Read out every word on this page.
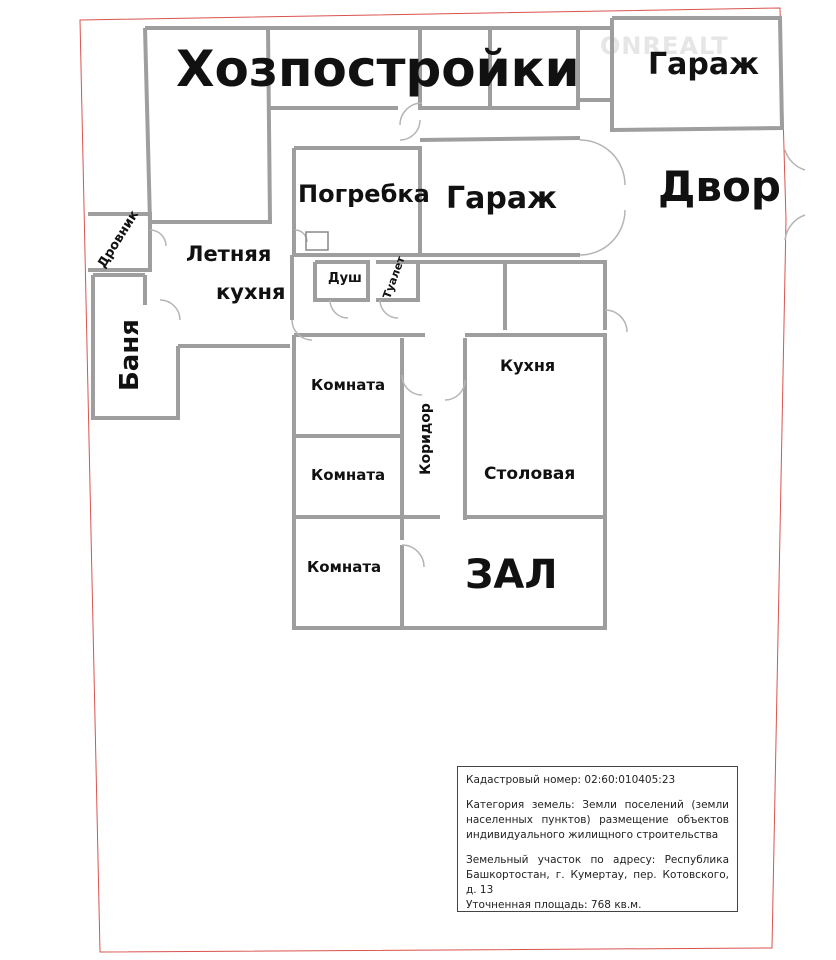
ONREALT
Хозпостройки Гараж
Погребка Гараж Двор
Дровник Летняя
кухня
Душ Туалет
Баня	Комната
Коридор
Кухня
Комната	Столовая
Комната ЗАЛ

Кадастровый номер: 02:60:010405:23

Категория земель: Земли поселений (земли населенных пунктов) размещение объектов индивидуального жилищного строительства

Земельный участок по адресу: Республика Башкортостан, г. Кумертау, пер. Котовского, д. 13

Уточненная площадь: 768 кв.м.
